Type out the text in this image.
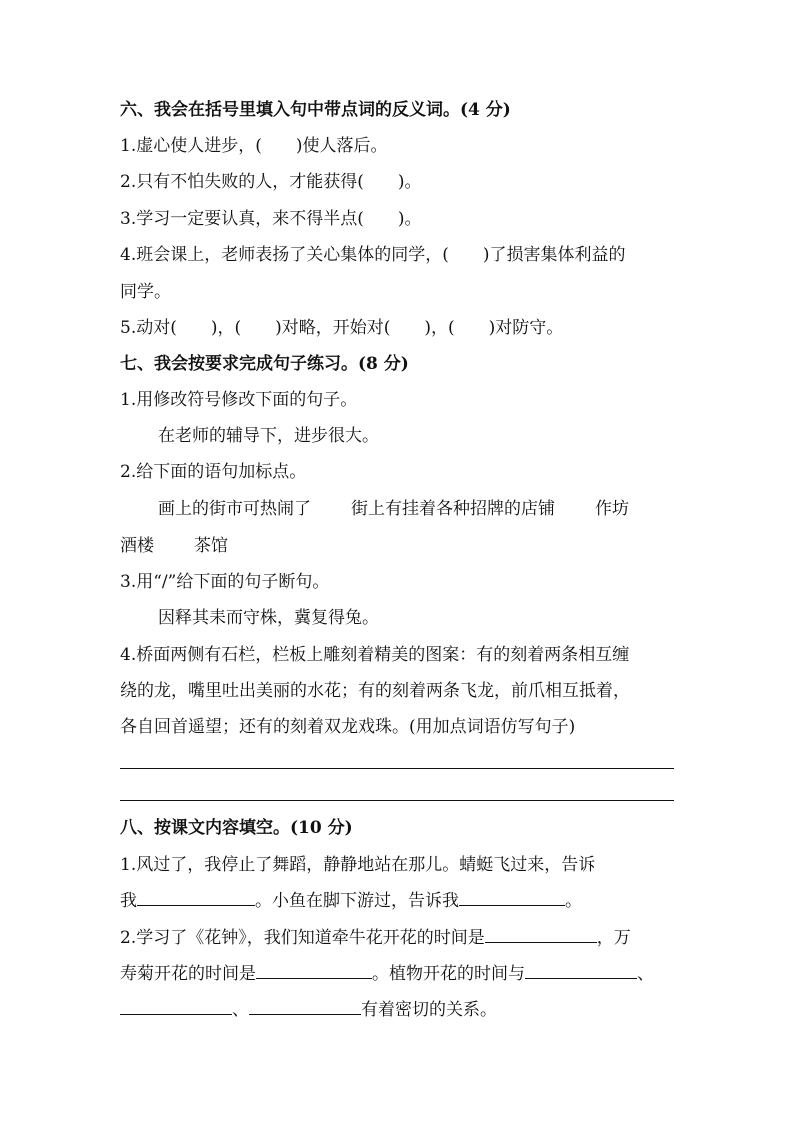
六、我会在括号里填入句中带点词的反义词。(4 分)
1.虚心使人进步，(　　)使人落后。
2.只有不怕失败的人，才能获得(　　)。
3.学习一定要认真，来不得半点(　　)。
4.班会课上，老师表扬了关心集体的同学，(　　)了损害集体利益的
同学。
5.动对(　　)，(　　)对略，开始对(　　)，(　　)对防守。
七、我会按要求完成句子练习。(8 分)
1.用修改符号修改下面的句子。
在老师的辅导下，进步很大。
2.给下面的语句加标点。
画上的街市可热闹了 街上有挂着各种招牌的店铺 作坊
酒楼 茶馆
3.用“/”给下面的句子断句。
因释其耒而守株，冀复得兔。
4.桥面两侧有石栏，栏板上雕刻着精美的图案：有的刻着两条相互缠
绕的龙，嘴里吐出美丽的水花；有的刻着两条飞龙，前爪相互抵着，
各自回首遥望；还有的刻着双龙戏珠。(用加点词语仿写句子)
八、按课文内容填空。(10 分)
1.风过了，我停止了舞蹈，静静地站在那儿。蜻蜓飞过来，告诉
我	。小鱼在脚下游过，告诉我	。
2.学习了《花钟》，我们知道牵牛花开花的时间是	，万
寿菊开花的时间是	。植物开花的时间与	、
、	有着密切的关系。
